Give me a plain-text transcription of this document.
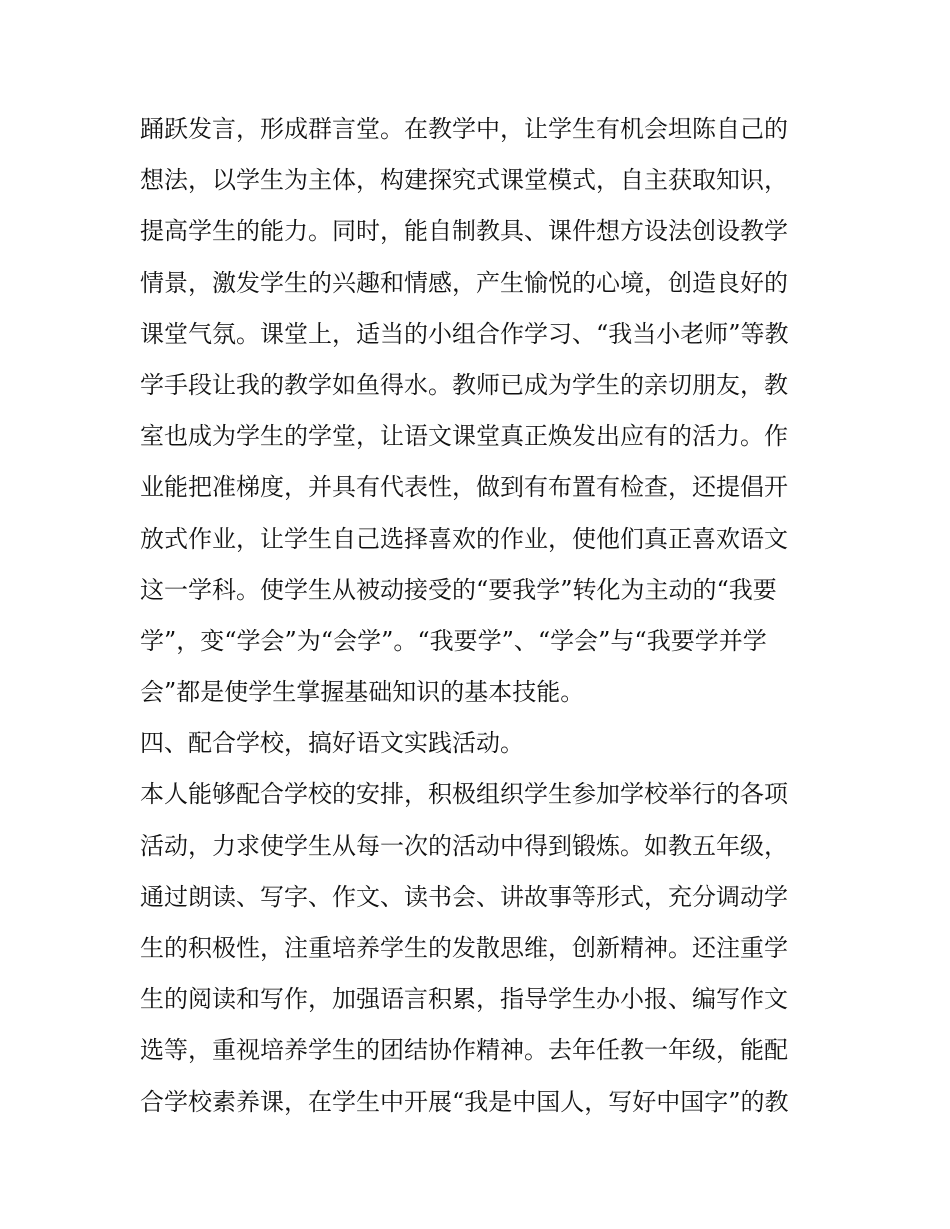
踊跃发言，形成群言堂。在教学中，让学生有机会坦陈自己的
想法，以学生为主体，构建探究式课堂模式，自主获取知识，
提高学生的能力。同时，能自制教具、课件想方设法创设教学
情景，激发学生的兴趣和情感，产生愉悦的心境，创造良好的
课堂气氛。课堂上，适当的小组合作学习、“我当小老师”等教
学手段让我的教学如鱼得水。教师已成为学生的亲切朋友，教
室也成为学生的学堂，让语文课堂真正焕发出应有的活力。作
业能把准梯度，并具有代表性，做到有布置有检查，还提倡开
放式作业，让学生自己选择喜欢的作业，使他们真正喜欢语文
这一学科。使学生从被动接受的“要我学”转化为主动的“我要
学”，变“学会”为“会学”。“我要学”、“学会”与“我要学并学
会”都是使学生掌握基础知识的基本技能。
四、配合学校，搞好语文实践活动。
本人能够配合学校的安排，积极组织学生参加学校举行的各项
活动，力求使学生从每一次的活动中得到锻炼。如教五年级，
通过朗读、写字、作文、读书会、讲故事等形式，充分调动学
生的积极性，注重培养学生的发散思维，创新精神。还注重学
生的阅读和写作，加强语言积累，指导学生办小报、编写作文
选等，重视培养学生的团结协作精神。去年任教一年级，能配
合学校素养课，在学生中开展“我是中国人，写好中国字”的教
